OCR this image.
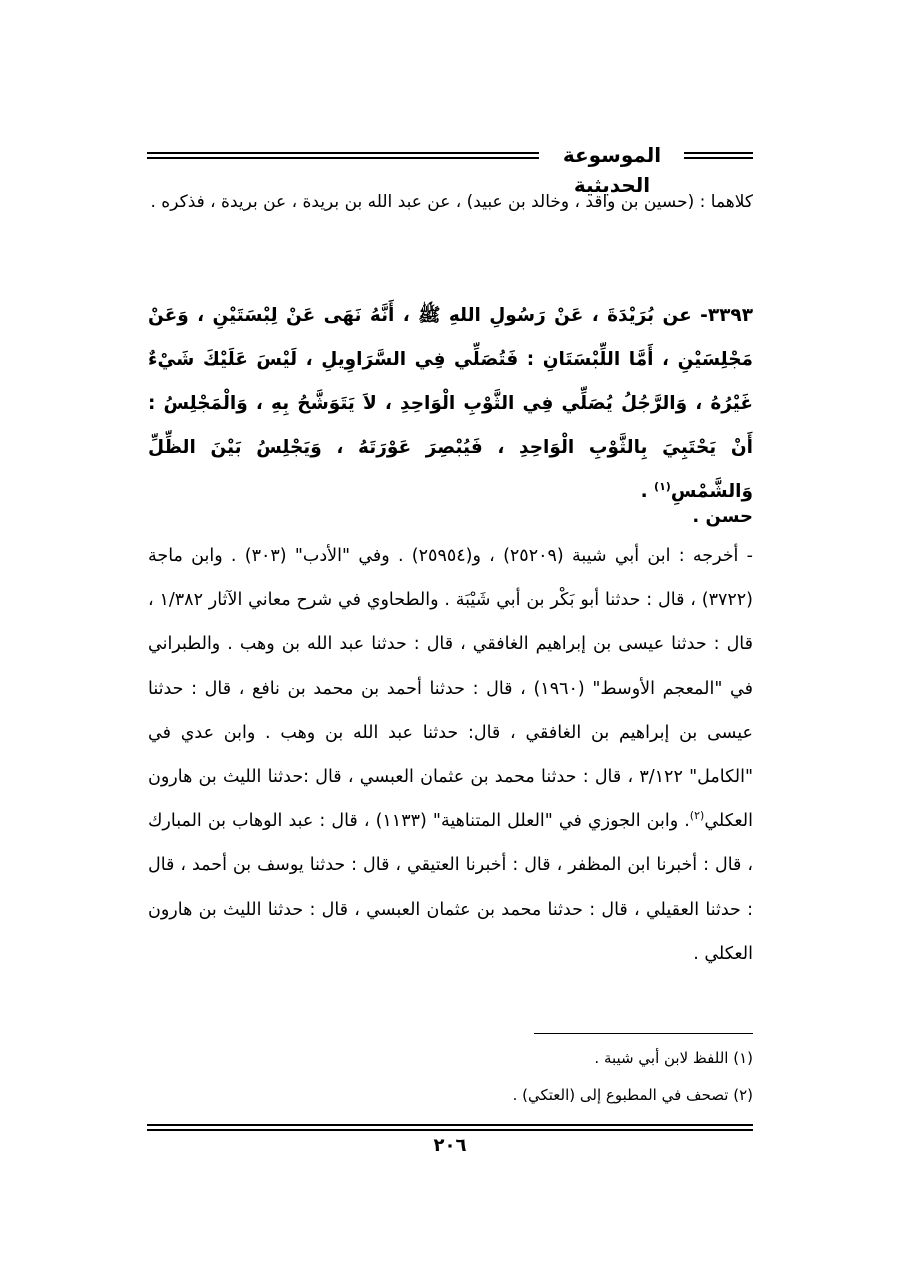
الموسوعة الحديثية
كلاهما : (حسين بن واقد ، وخالد بن عبيد) ، عن عبد الله بن بريدة ، عن بريدة ، فذكره .
٣٣٩٣- عن بُرَيْدَةَ ، عَنْ رَسُولِ اللهِ ﷺ ، أَنَّهُ نَهَى عَنْ لِبْسَتَيْنِ ، وَعَنْ مَجْلِسَيْنِ ، أَمَّا اللِّبْسَتَانِ : فَتُصَلِّي فِي السَّرَاوِيلِ ، لَيْسَ عَلَيْكَ شَيْءٌ غَيْرُهُ ، وَالرَّجُلُ يُصَلِّي فِي الثَّوْبِ الْوَاحِدِ ، لاَ يَتَوَشَّحُ بِهِ ، وَالْمَجْلِسُ : أَنْ يَحْتَبِيَ بِالثَّوْبِ الْوَاحِدِ ، فَيُبْصِرَ عَوْرَتَهُ ، وَيَجْلِسُ بَيْنَ الظِّلِّ وَالشَّمْسِ$^{(١)}$ .
حسن .
- أخرجه : ابن أبي شيبة (٢٥٢٠٩) ، و(٢٥٩٥٤) . وفي "الأدب" (٣٠٣) . وابن ماجة (٣٧٢٢) ، قال : حدثنا أبو بَكْر بن أبي شَيْبَة . والطحاوي في شرح معاني الآثار ١/٣٨٢ ، قال : حدثنا عيسى بن إبراهيم الغافقي ، قال : حدثنا عبد الله بن وهب . والطبراني في "المعجم الأوسط" (١٩٦٠) ، قال : حدثنا أحمد بن محمد بن نافع ، قال : حدثنا عيسى بن إبراهيم بن الغافقي ، قال: حدثنا عبد الله بن وهب . وابن عدي في "الكامل" ٣/١٢٢ ، قال : حدثنا محمد بن عثمان العبسي ، قال :حدثنا الليث بن هارون العكلي$^{(٢)}$. وابن الجوزي في "العلل المتناهية" (١١٣٣) ، قال : عبد الوهاب بن المبارك ، قال : أخبرنا ابن المظفر ، قال : أخبرنا العتيقي ، قال : حدثنا يوسف بن أحمد ، قال : حدثنا العقيلي ، قال : حدثنا محمد بن عثمان العبسي ، قال : حدثنا الليث بن هارون العكلي .
(١) اللفظ لابن أبي شيبة .
(٢) تصحف في المطبوع إلى (العتكي) .
٢٠٦
